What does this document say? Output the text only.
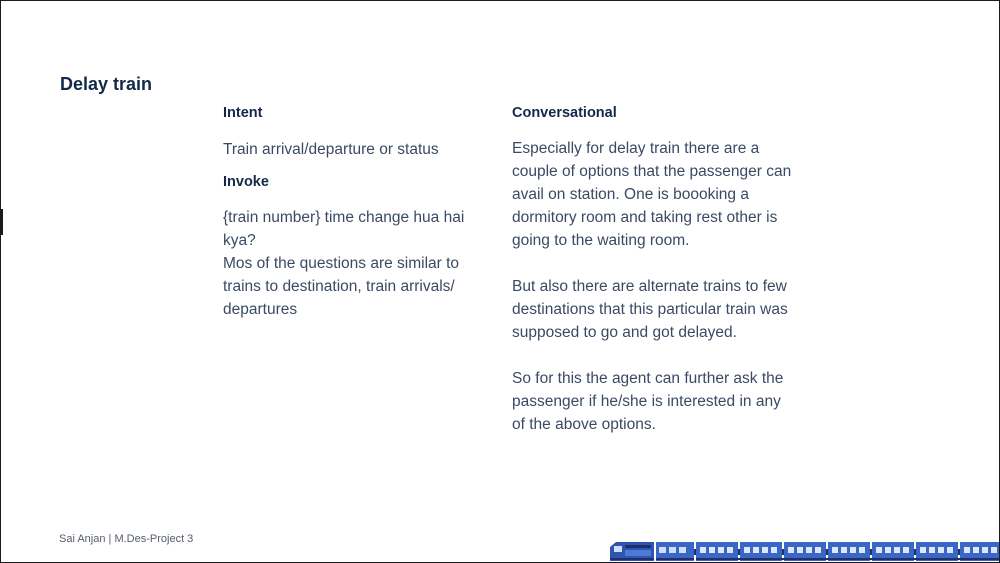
Delay train

Intent

Train arrival/departure or status

Invoke

{train number} time change hua hai kya?
Mos of the questions are similar to trains to destination, train arrivals/ departures

Conversational

Especially for delay train there are a couple of options that the passenger can avail on station. One is boooking a dormitory room and taking rest other is going to the waiting room.
But also there are alternate trains to few destinations that this particular train was supposed to go and got delayed.
So for this the agent can further ask the passenger if he/she is interested in any of the above options.

Sai Anjan | M.Des-Project 3
